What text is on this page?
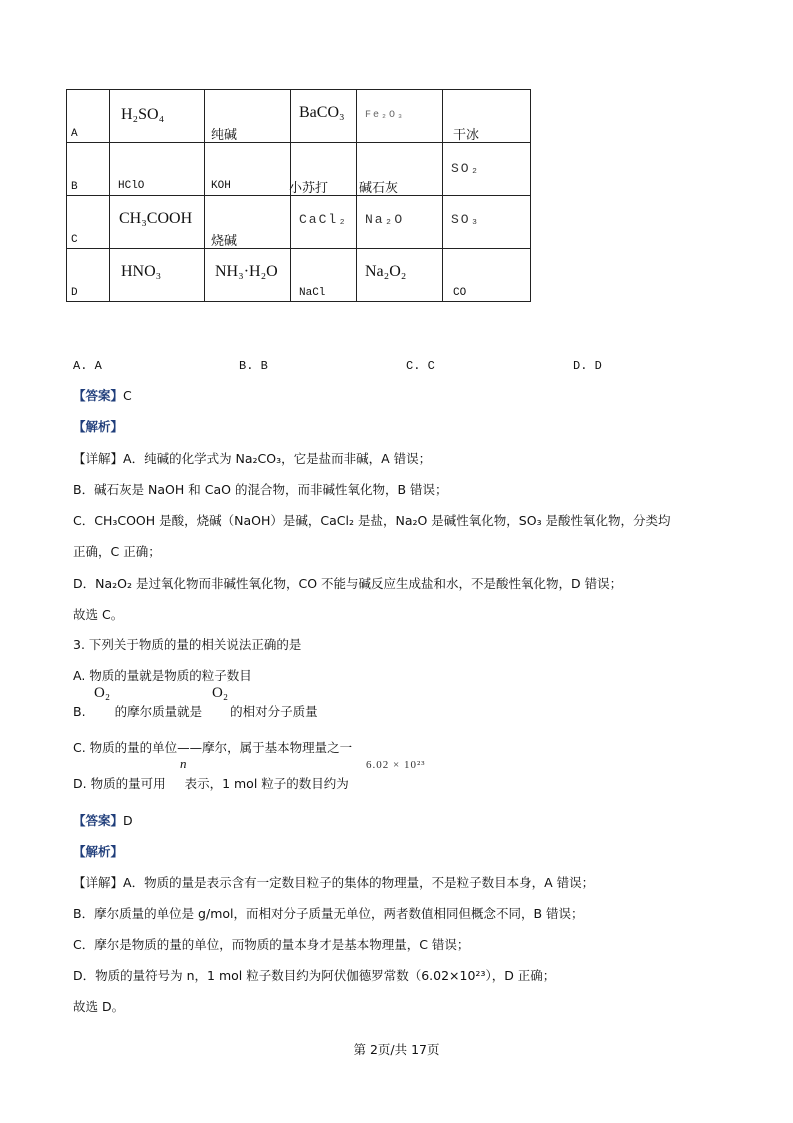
A	H₂SO₄	纯碱	BaCO₃	Fe₂O₃	干冰

B	HClO	KOH	小苏打	碱石灰	SO₂

C	CH₃COOH	烧碱	CaCl₂	Na₂O	SO₃

D	HNO₃	NH₃·H₂O	NaCl	Na₂O₂	CO
A. A	B. B	C. C	D. D
【答案】C
【解析】
【详解】A．纯碱的化学式为 Na₂CO₃，它是盐而非碱，A 错误；
B．碱石灰是 NaOH 和 CaO 的混合物，而非碱性氧化物，B 错误；
C．CH₃COOH 是酸，烧碱（NaOH）是碱，CaCl₂ 是盐，Na₂O 是碱性氧化物，SO₃ 是酸性氧化物，分类均
正确，C 正确；
D．Na₂O₂ 是过氧化物而非碱性氧化物，CO 不能与碱反应生成盐和水，不是酸性氧化物，D 错误；
故选 C。
3. 下列关于物质的量的相关说法正确的是
A. 物质的量就是物质的粒子数目
O₂	O₂
B. 的摩尔质量就是 的相对分子质量
C. 物质的量的单位——摩尔，属于基本物理量之一
n	6.02 × 10²³
D. 物质的量可用 表示，1 mol 粒子的数目约为
【答案】D
【解析】
【详解】A．物质的量是表示含有一定数目粒子的集体的物理量，不是粒子数目本身，A 错误；
B．摩尔质量的单位是 g/mol，而相对分子质量无单位，两者数值相同但概念不同，B 错误；
C．摩尔是物质的量的单位，而物质的量本身才是基本物理量，C 错误；
D．物质的量符号为 n，1 mol 粒子数目约为阿伏伽德罗常数（6.02×10²³），D 正确；
故选 D。
第 2页/共 17页
